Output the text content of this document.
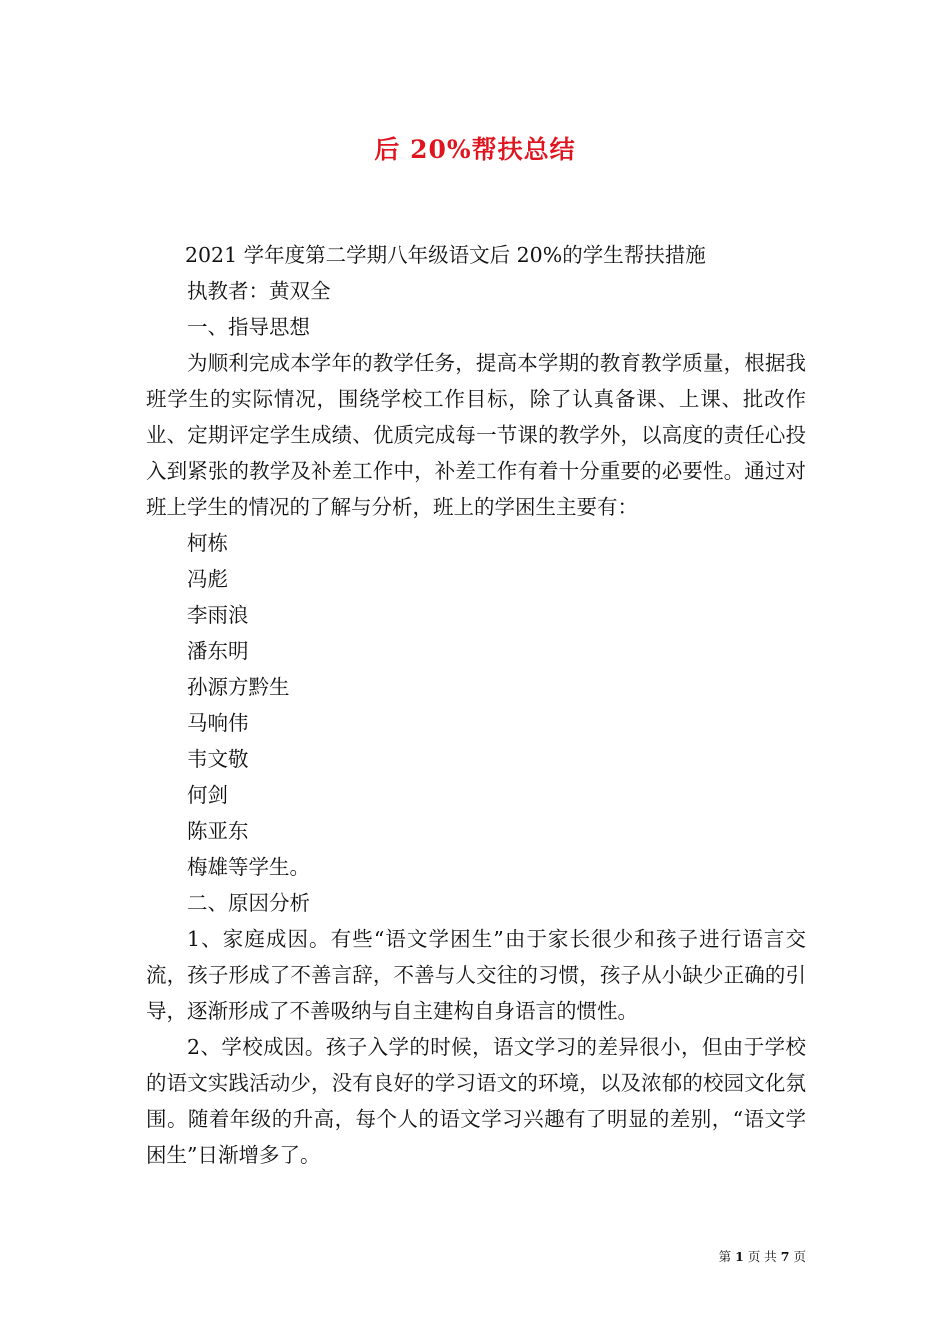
后 20%帮扶总结

2021 学年度第二学期八年级语文后 20%的学生帮扶措施

执教者：黄双全

一、指导思想

为顺利完成本学年的教学任务，提高本学期的教育教学质量，根据我班学生的实际情况，围绕学校工作目标，除了认真备课、上课、批改作业、定期评定学生成绩、优质完成每一节课的教学外，以高度的责任心投入到紧张的教学及补差工作中，补差工作有着十分重要的必要性。通过对班上学生的情况的了解与分析，班上的学困生主要有：

柯栋

冯彪

李雨浪

潘东明

孙源方黔生

马响伟

韦文敬

何剑

陈亚东

梅雄等学生。

二、原因分析

1、家庭成因。有些“语文学困生”由于家长很少和孩子进行语言交流，孩子形成了不善言辞，不善与人交往的习惯，孩子从小缺少正确的引导，逐渐形成了不善吸纳与自主建构自身语言的惯性。

2、学校成因。孩子入学的时候，语文学习的差异很小，但由于学校的语文实践活动少，没有良好的学习语文的环境，以及浓郁的校园文化氛围。随着年级的升高，每个人的语文学习兴趣有了明显的差别，“语文学困生”日渐增多了。

第 1 页 共 7 页
